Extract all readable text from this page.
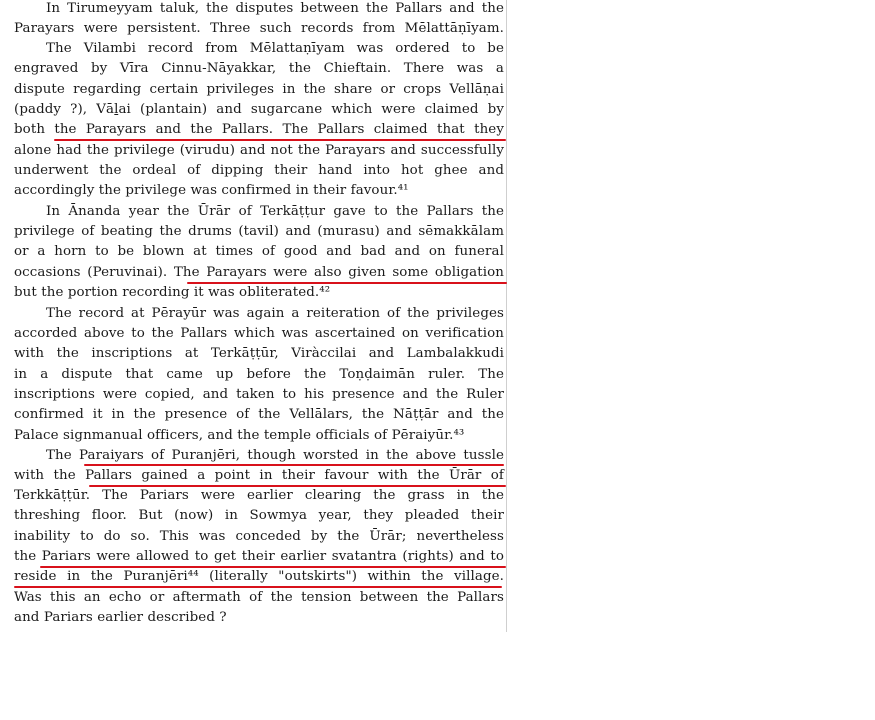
In Tirumeyyam taluk, the disputes between the Pallars and the
Parayars were persistent. Three such records from Mēlattāṇīyam.
The Vilambi record from Mēlattaṇīyam was ordered to be
engraved by Vīra Cinnu-Nāyakkar, the Chieftain. There was a
dispute regarding certain privileges in the share or crops Vellāṇai
(paddy ?), Vāḻai (plantain) and sugarcane which were claimed by
both the Parayars and the Pallars. The Pallars claimed that they
alone had the privilege (virudu) and not the Parayars and successfully
underwent the ordeal of dipping their hand into hot ghee and
accordingly the privilege was confirmed in their favour.⁴¹
In Ānanda year the Ūrār of Terkāṭṭur gave to the Pallars the
privilege of beating the drums (tavil) and (murasu) and sēmakkālam
or a horn to be blown at times of good and bad and on funeral
occasions (Peruvinai). The Parayars were also given some obligation
but the portion recording it was obliterated.⁴²
The record at Pērayūr was again a reiteration of the privileges
accorded above to the Pallars which was ascertained on verification
with the inscriptions at Terkāṭṭūr, Viràccilai and Lambalakkudi
in a dispute that came up before the Toṇḍaimān ruler. The
inscriptions were copied, and taken to his presence and the Ruler
confirmed it in the presence of the Vellālars, the Nāṭṭār and the
Palace signmanual officers, and the temple officials of Pēraiyūr.⁴³
The Paraiyars of Puranjēri, though worsted in the above tussle
with the Pallars gained a point in their favour with the Ūrār of
Terkkāṭṭūr. The Pariars were earlier clearing the grass in the
threshing floor. But (now) in Sowmya year, they pleaded their
inability to do so. This was conceded by the Ūrār; nevertheless
the Pariars were allowed to get their earlier svatantra (rights) and to
reside in the Puranjēri⁴⁴ (literally "outskirts") within the village.
Was this an echo or aftermath of the tension between the Pallars
and Pariars earlier described ?
